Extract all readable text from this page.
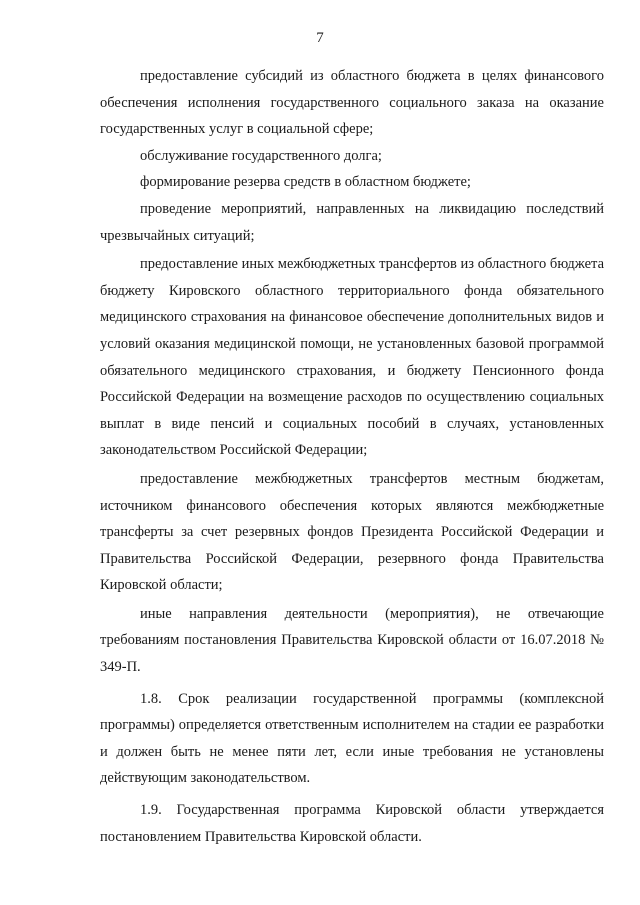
7

предоставление субсидий из областного бюджета в целях финансового обеспечения исполнения государственного социального заказа на оказание государственных услуг в социальной сфере;

обслуживание государственного долга;

формирование резерва средств в областном бюджете;

проведение мероприятий, направленных на ликвидацию последствий чрезвычайных ситуаций;

предоставление иных межбюджетных трансфертов из областного бюджета бюджету Кировского областного территориального фонда обязательного медицинского страхования на финансовое обеспечение дополнительных видов и условий оказания медицинской помощи, не установленных базовой программой обязательного медицинского страхования, и бюджету Пенсионного фонда Российской Федерации на возмещение расходов по осуществлению социальных выплат в виде пенсий и социальных пособий в случаях, установленных законодательством Российской Федерации;

предоставление межбюджетных трансфертов местным бюджетам, источником финансового обеспечения которых являются межбюджетные трансферты за счет резервных фондов Президента Российской Федерации и Правительства Российской Федерации, резервного фонда Правительства Кировской области;

иные направления деятельности (мероприятия), не отвечающие требованиям постановления Правительства Кировской области от 16.07.2018 № 349-П.

1.8. Срок реализации государственной программы (комплексной программы) определяется ответственным исполнителем на стадии ее разработки и должен быть не менее пяти лет, если иные требования не установлены действующим законодательством.

1.9. Государственная программа Кировской области утверждается постановлением Правительства Кировской области.
